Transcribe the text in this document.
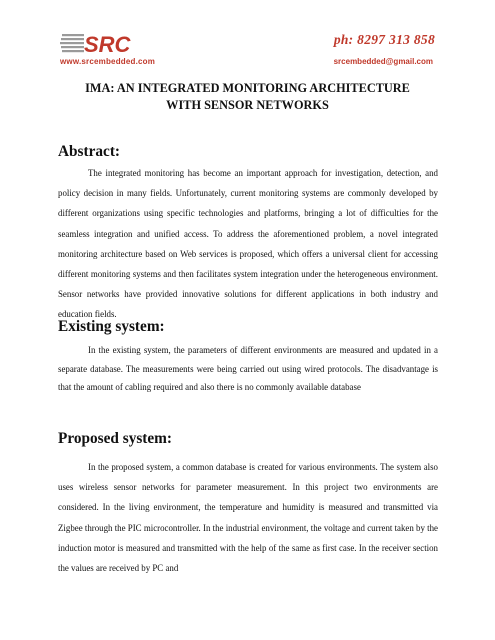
SRC
www.srcembedded.com
ph: 8297 313 858
srcembedded@gmail.com
IMA: AN INTEGRATED MONITORING ARCHITECTURE
WITH SENSOR NETWORKS
Abstract:

The integrated monitoring has become an important approach for investigation, detection, and policy decision in many fields. Unfortunately, current monitoring systems are commonly developed by different organizations using specific technologies and platforms, bringing a lot of difficulties for the seamless integration and unified access. To address the aforementioned problem, a novel integrated monitoring architecture based on Web services is proposed, which offers a universal client for accessing different monitoring systems and then facilitates system integration under the heterogeneous environment. Sensor networks have provided innovative solutions for different applications in both industry and education fields.

Existing system:

In the existing system, the parameters of different environments are measured and updated in a separate database. The measurements were being carried out using wired protocols. The disadvantage is that the amount of cabling required and also there is no commonly available database

Proposed system:

In the proposed system, a common database is created for various environments. The system also uses wireless sensor networks for parameter measurement. In this project two environments are considered. In the living environment, the temperature and humidity is measured and transmitted via Zigbee through the PIC microcontroller. In the industrial environment, the voltage and current taken by the induction motor is measured and transmitted with the help of the same as first case. In the receiver section the values are received by PC and
